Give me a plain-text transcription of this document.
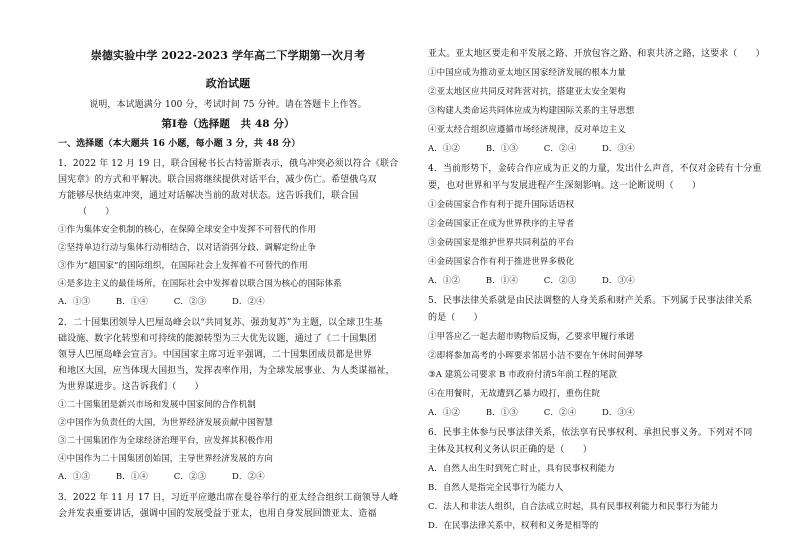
崇德实验中学 2022-2023 学年高二下学期第一次月考
政治试题
说明，本试题满分 100 分，考试时间 75 分钟。请在答题卡上作答。
第Ⅰ卷（选择题　共 48 分）
一、选择题（本大题共 16 小题，每小题 3 分，共 48 分）
1．2022 年 12 月 19 日，联合国秘书长古特雷斯表示，俄乌冲突必须以符合《联合
国宪章》的方式和平解决。联合国将继续提供对话平台，减少伤亡。希望俄乌双
方能够尽快结束冲突，通过对话解决当前的敌对状态。这告诉我们，联合国
（　　）
①作为集体安全机制的核心，在保障全球安全中发挥不可替代的作用
②坚持单边行动与集体行动相结合，以对话消弭分歧、调解定纷止争
③作为“超国家”的国际组织，在国际社会上发挥着不可替代的作用
④是多边主义的最佳场所，在国际社会中发挥着以联合国为核心的国际体系
A．①③　　　B．①④　　　C．②③　　　D．②④
2．二十国集团领导人巴厘岛峰会以“共同复苏、强劲复苏”为主题，以全球卫生基
础设施、数字化转型和可持续的能源转型为三大优先议题，通过了《二十国集团
领导人巴厘岛峰会宣言》。中国国家主席习近平强调，二十国集团成员都是世界
和地区大国，应当体现大国担当，发挥表率作用，为全球发展事业、为人类谋福祉，
为世界谋进步。这告诉我们（　　）
①二十国集团是新兴市场和发展中国家间的合作机制
②中国作为负责任的大国，为世界经济发展贡献中国智慧
③二十国集团作为全球经济治理平台，应发挥其积极作用
④中国作为二十国集团创始国，主导世界经济发展的方向
A．①③　　　B．①④　　　C．②③　　　D．②④
3．2022 年 11 月 17 日，习近平应邀出席在曼谷举行的亚太经合组织工商领导人峰
会并发表重要讲话，强调中国的发展受益于亚太，也用自身发展回馈亚太、造福
亚太。亚太地区要走和平发展之路、开放包容之路、和衷共济之路，这要求（　　）
①中国应成为推动亚太地区国家经济发展的根本力量
②亚太地区应共同反对阵营对抗，搭建亚太安全架构
③构建人类命运共同体应成为构建国际关系的主导思想
④亚太经合组织应遵循市场经济规律，反对单边主义
A．①②　　　B．①③　　　C．②④　　　D．③④
4．当前形势下，金砖合作应成为正义的力量，发出什么声音，不仅对金砖有十分重
要，也对世界和平与发展进程产生深刻影响。这一论断说明（　　）
①金砖国家合作有利于提升国际话语权
②金砖国家正在成为世界秩序的主导者
③金砖国家是维护世界共同利益的平台
④金砖国家合作有利于推进世界多极化
A．①②　　　B．①④　　　C．②③　　　D．③④
5．民事法律关系就是由民法调整的人身关系和财产关系。下列属于民事法律关系
的是（　　）
①甲答应乙一起去超市购物后反悔，乙要求甲履行承诺
②即将参加高考的小晖要求邻居小洁不要在午休时间弹琴
③A 建筑公司要求 B 市政府付清5年前工程的尾款
④在用餐时，无故遭到乙暴力殴打，重伤住院
A．①②　　　B．①③　　　C．②④　　　D．③④
6．民事主体参与民事法律关系，依法享有民事权利、承担民事义务。下列对不同
主体及其权利义务认识正确的是（　　）
A．自然人出生时到死亡时止，具有民事权利能力
B．自然人是指完全民事行为能力人
C．法人和非法人组织，自合法成立时起，具有民事权利能力和民事行为能力
D．在民事法律关系中，权利和义务是相等的
